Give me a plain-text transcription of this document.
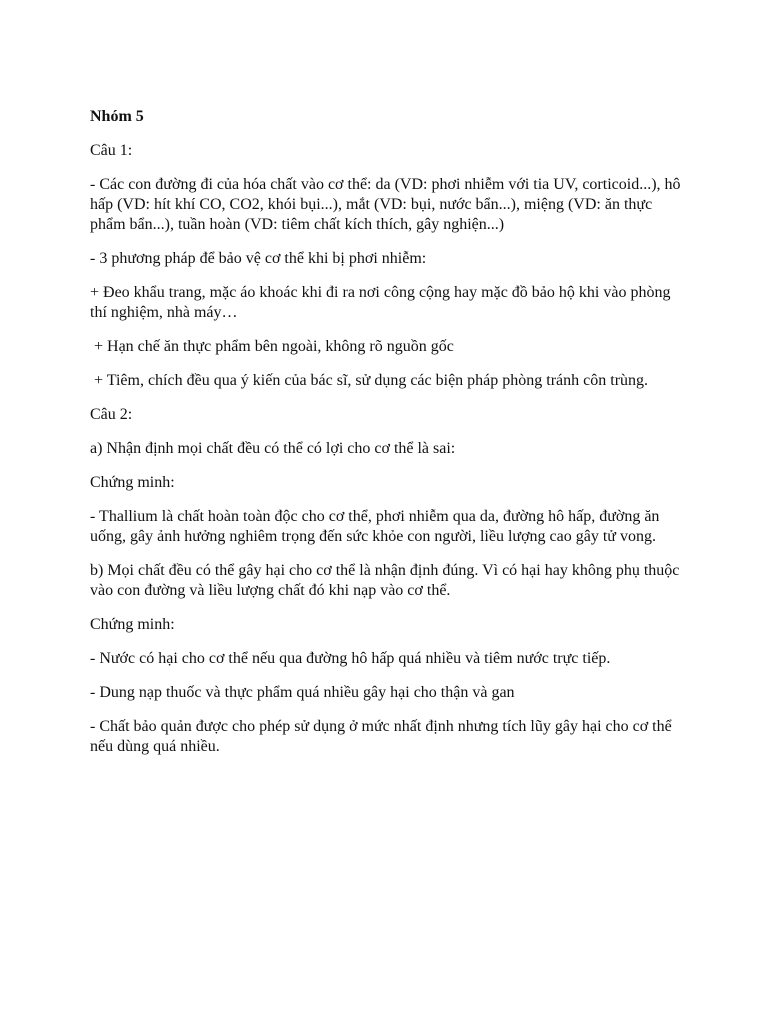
Nhóm 5

Câu 1:

- Các con đường đi của hóa chất vào cơ thể: da (VD: phơi nhiễm với tia UV, corticoid...), hô hấp (VD: hít khí CO, CO2, khói bụi...), mắt (VD: bụi, nước bẩn...), miệng (VD: ăn thực phẩm bẩn...), tuần hoàn (VD: tiêm chất kích thích, gây nghiện...)

- 3 phương pháp để bảo vệ cơ thể khi bị phơi nhiễm:

+ Đeo khẩu trang, mặc áo khoác khi đi ra nơi công cộng hay mặc đồ bảo hộ khi vào phòng thí nghiệm, nhà máy…

+ Hạn chế ăn thực phẩm bên ngoài, không rõ nguồn gốc

+ Tiêm, chích đều qua ý kiến của bác sĩ, sử dụng các biện pháp phòng tránh côn trùng.

Câu 2:

a) Nhận định mọi chất đều có thể có lợi cho cơ thể là sai:

Chứng minh:

- Thallium là chất hoàn toàn độc cho cơ thể, phơi nhiễm qua da, đường hô hấp, đường ăn uống, gây ảnh hưởng nghiêm trọng đến sức khỏe con người, liều lượng cao gây tử vong.

b) Mọi chất đều có thể gây hại cho cơ thể là nhận định đúng. Vì có hại hay không phụ thuộc vào con đường và liều lượng chất đó khi nạp vào cơ thể.

Chứng minh:

- Nước có hại cho cơ thể nếu qua đường hô hấp quá nhiều và tiêm nước trực tiếp.

- Dung nạp thuốc và thực phẩm quá nhiều gây hại cho thận và gan

- Chất bảo quản được cho phép sử dụng ở mức nhất định nhưng tích lũy gây hại cho cơ thể nếu dùng quá nhiều.
